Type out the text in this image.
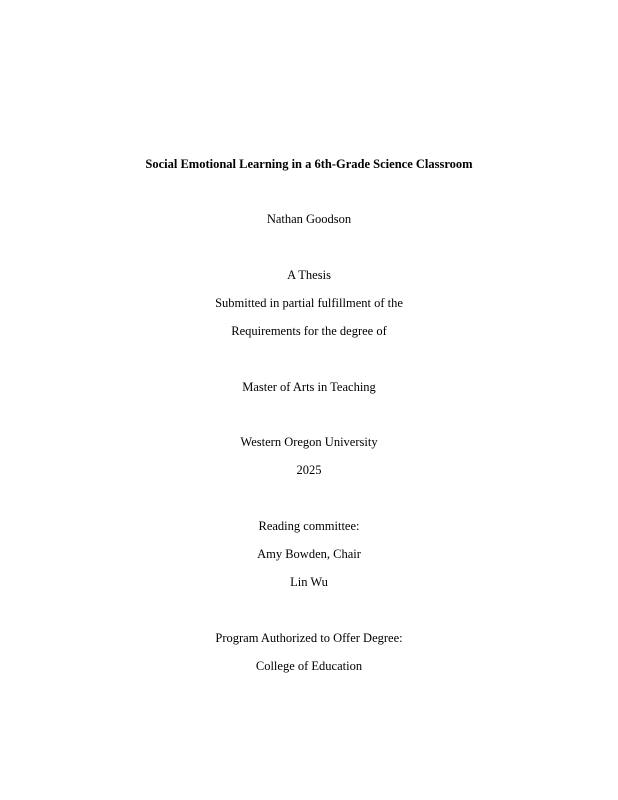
Social Emotional Learning in a 6th-Grade Science Classroom
Nathan Goodson
A Thesis
Submitted in partial fulfillment of the
Requirements for the degree of
Master of Arts in Teaching
Western Oregon University
2025
Reading committee:
Amy Bowden, Chair
Lin Wu
Program Authorized to Offer Degree:
College of Education
